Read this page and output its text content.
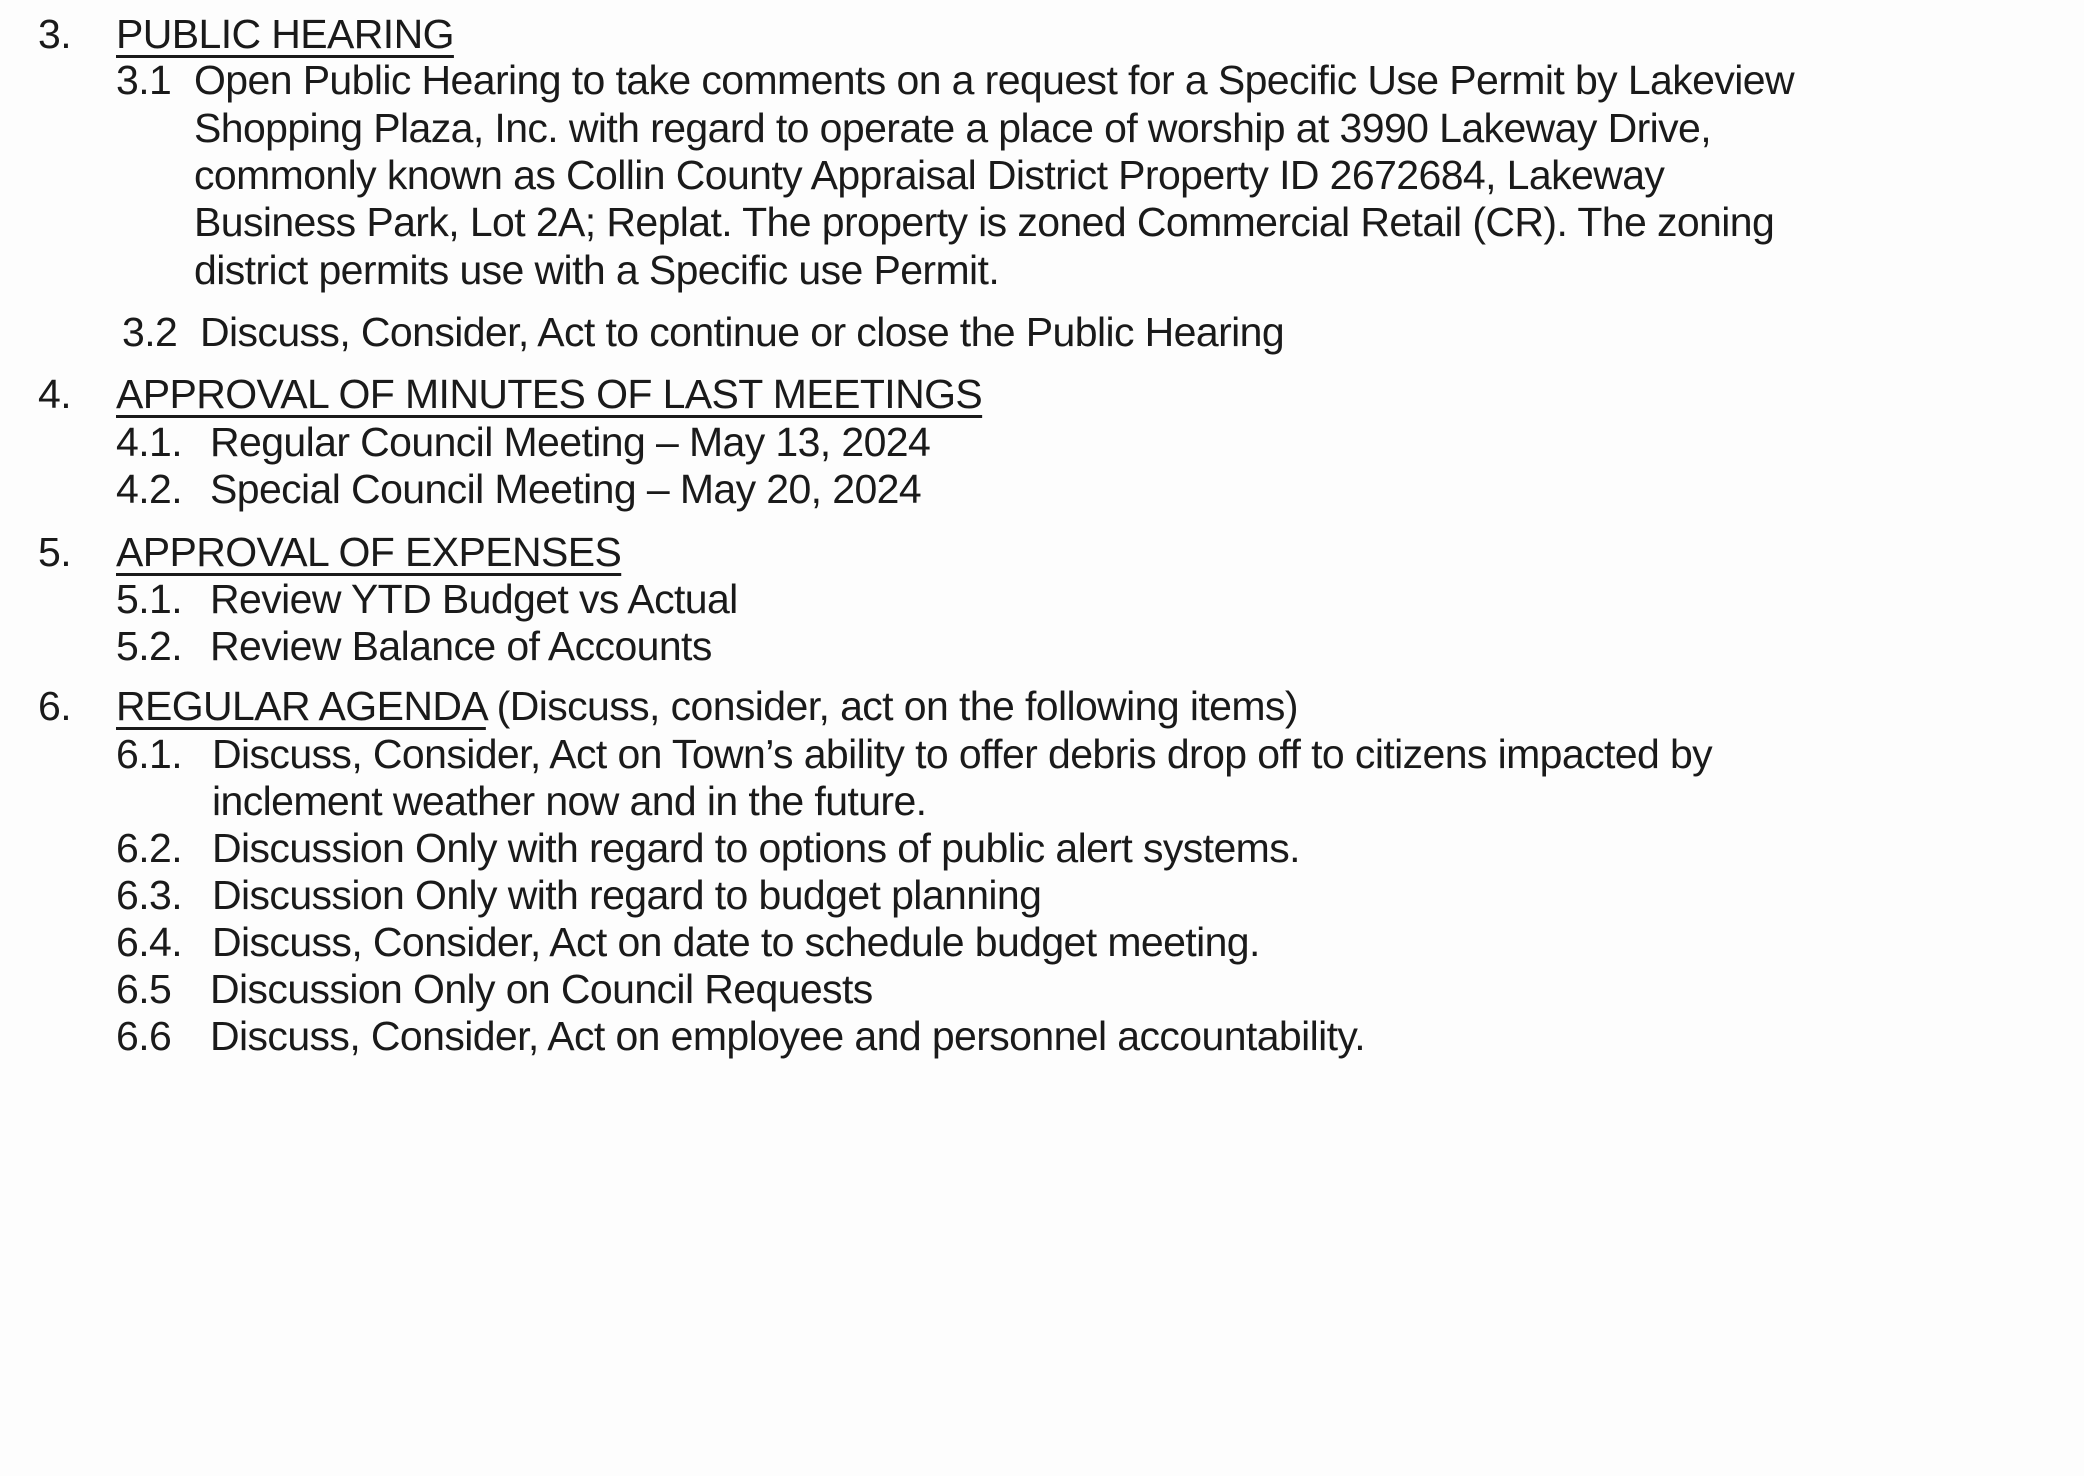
3. PUBLIC HEARING
3.1 Open Public Hearing to take comments on a request for a Specific Use Permit by Lakeview
Shopping Plaza, Inc. with regard to operate a place of worship at 3990 Lakeway Drive,
commonly known as Collin County Appraisal District Property ID 2672684, Lakeway
Business Park, Lot 2A; Replat. The property is zoned Commercial Retail (CR). The zoning
district permits use with a Specific use Permit.
3.2 Discuss, Consider, Act to continue or close the Public Hearing
4. APPROVAL OF MINUTES OF LAST MEETINGS
4.1. Regular Council Meeting – May 13, 2024
4.2. Special Council Meeting – May 20, 2024
5. APPROVAL OF EXPENSES
5.1. Review YTD Budget vs Actual
5.2. Review Balance of Accounts
6. REGULAR AGENDA (Discuss, consider, act on the following items)
6.1. Discuss, Consider, Act on Town’s ability to offer debris drop off to citizens impacted by
inclement weather now and in the future.
6.2. Discussion Only with regard to options of public alert systems.
6.3. Discussion Only with regard to budget planning
6.4. Discuss, Consider, Act on date to schedule budget meeting.
6.5 Discussion Only on Council Requests
6.6 Discuss, Consider, Act on employee and personnel accountability.
